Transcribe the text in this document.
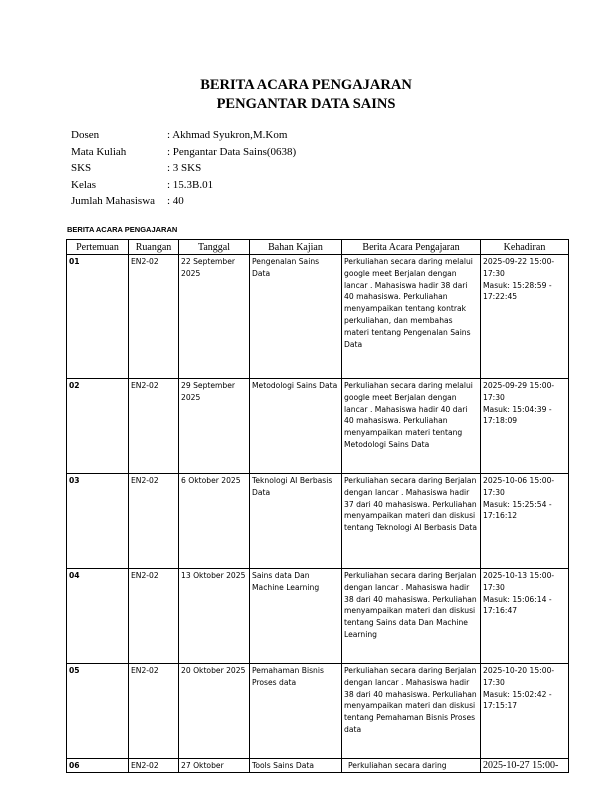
BERITA ACARA PENGAJARAN
PENGANTAR DATA SAINS
Dosen	: Akhmad Syukron,M.Kom
Mata Kuliah	: Pengantar Data Sains(0638)
SKS	: 3 SKS
Kelas	: 15.3B.01
Jumlah Mahasiswa : 40
BERITA ACARA PENGAJARAN
Pertemuan	Ruangan	Tanggal	Bahan Kajian	Berita Acara Pengajaran	Kehadiran
01	EN2-02	22 September 2025	Pengenalan Sains Data	Perkuliahan secara daring melalui google meet Berjalan dengan lancar . Mahasiswa hadir 38 dari 40 mahasiswa. Perkuliahan menyampaikan tentang kontrak perkuliahan, dan membahas materi tentang Pengenalan Sains Data	2025-09-22 15:00-17:30
Masuk: 15:28:59 - 17:22:45

02	EN2-02	29 September 2025	Metodologi Sains Data	Perkuliahan secara daring melalui google meet Berjalan dengan lancar . Mahasiswa hadir 40 dari 40 mahasiswa. Perkuliahan menyampaikan materi tentang Metodologi Sains Data	2025-09-29 15:00-17:30
Masuk: 15:04:39 - 17:18:09

03	EN2-02	6 Oktober 2025	Teknologi AI Berbasis Data	Perkuliahan secara daring Berjalan dengan lancar . Mahasiswa hadir 37 dari 40 mahasiswa. Perkuliahan menyampaikan materi dan diskusi tentang Teknologi AI Berbasis Data	2025-10-06 15:00-17:30
Masuk: 15:25:54 - 17:16:12

04	EN2-02	13 Oktober 2025	Sains data Dan Machine Learning	Perkuliahan secara daring Berjalan dengan lancar . Mahasiswa hadir 38 dari 40 mahasiswa. Perkuliahan menyampaikan materi dan diskusi tentang Sains data Dan Machine Learning	2025-10-13 15:00-17:30
Masuk: 15:06:14 - 17:16:47

05	EN2-02	20 Oktober 2025	Pemahaman Bisnis Proses data	Perkuliahan secara daring Berjalan dengan lancar . Mahasiswa hadir 38 dari 40 mahasiswa. Perkuliahan menyampaikan materi dan diskusi tentang Pemahaman Bisnis Proses data	2025-10-20 15:00-17:30
Masuk: 15:02:42 - 17:15:17

06	EN2-02	27 Oktober	Tools Sains Data	Perkuliahan secara daring	2025-10-27 15:00-
